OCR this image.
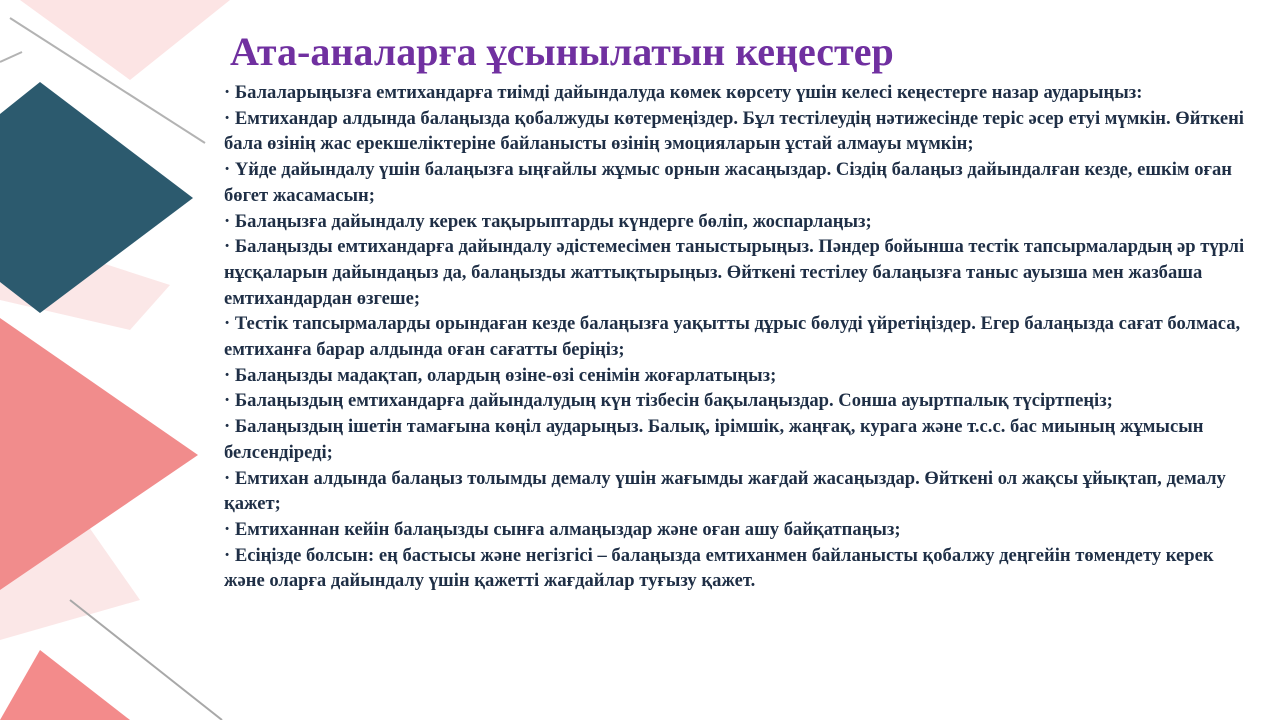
Ата-аналарға ұсынылатын кеңестер
· Балаларыңызға емтихандарға тиімді дайындалуда көмек көрсету үшін келесі кеңестерге назар аударыңыз:
· Емтихандар алдында балаңызда қобалжуды көтермеңіздер. Бұл тестілеудің нәтижесінде теріс әсер етуі мүмкін. Өйткені бала өзінің жас ерекшеліктеріне байланысты өзінің эмоцияларын ұстай алмауы мүмкін;
· Үйде дайындалу үшін балаңызға ыңғайлы жұмыс орнын жасаңыздар. Сіздің балаңыз дайындалған кезде, ешкім оған бөгет жасамасын;
· Балаңызға дайындалу керек тақырыптарды күндерге бөліп, жоспарлаңыз;
· Балаңызды емтихандарға дайындалу әдістемесімен таныстырыңыз. Пәндер бойынша тестік тапсырмалардың әр түрлі нұсқаларын дайындаңыз да, балаңызды жаттықтырыңыз. Өйткені тестілеу балаңызға таныс ауызша мен жазбаша емтихандардан өзгеше;
· Тестік тапсырмаларды орындаған кезде балаңызға уақытты дұрыс бөлуді үйретіңіздер. Егер балаңызда сағат болмаса, емтиханға барар алдында оған сағатты беріңіз;
· Балаңызды мадақтап, олардың өзіне-өзі сенімін жоғарлатыңыз;
· Балаңыздың емтихандарға дайындалудың күн тізбесін бақылаңыздар. Сонша ауыртпалық түсіртпеңіз;
· Балаңыздың ішетін тамағына көңіл аударыңыз. Балық, ірімшік, жаңғақ, курага және т.с.с. бас миының жұмысын белсендіреді;
· Емтихан алдында балаңыз толымды демалу үшін жағымды жағдай жасаңыздар. Өйткені ол жақсы ұйықтап, демалу қажет;
· Емтиханнан кейін балаңызды сынға алмаңыздар және оған ашу байқатпаңыз;
· Есіңізде болсын: ең бастысы және негізгісі – балаңызда емтиханмен байланысты қобалжу деңгейін төмендету керек және оларға дайындалу үшін қажетті жағдайлар туғызу қажет.
